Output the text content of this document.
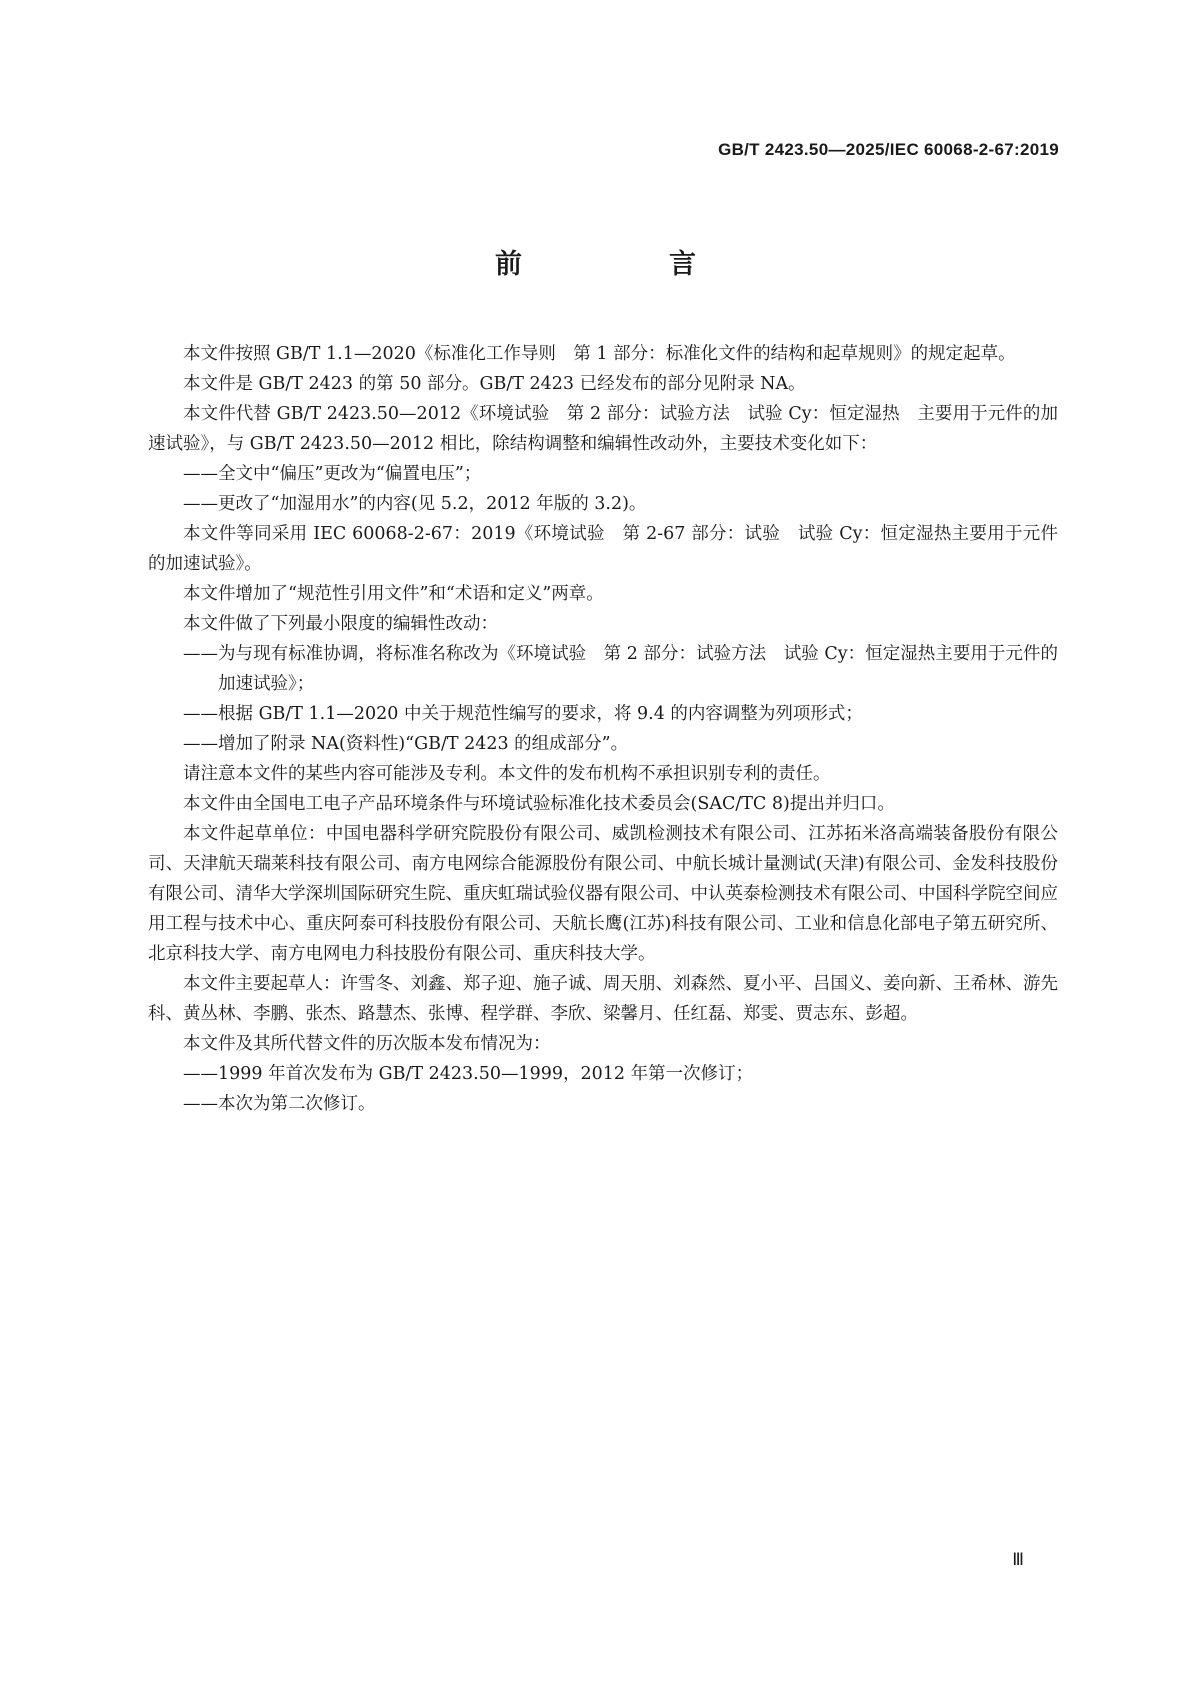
GB/T 2423.50—2025/IEC 60068-2-67:2019
前　言

本文件按照 GB/T 1.1—2020《标准化工作导则　第 1 部分：标准化文件的结构和起草规则》的规定起草。

本文件是 GB/T 2423 的第 50 部分。GB/T 2423 已经发布的部分见附录 NA。

本文件代替 GB/T 2423.50—2012《环境试验　第 2 部分：试验方法　试验 Cy：恒定湿热　主要用于元件的加速试验》，与 GB/T 2423.50—2012 相比，除结构调整和编辑性改动外，主要技术变化如下：

——全文中“偏压”更改为“偏置电压”；

——更改了“加湿用水”的内容(见 5.2，2012 年版的 3.2)。

本文件等同采用 IEC 60068-2-67：2019《环境试验　第 2-67 部分：试验　试验 Cy：恒定湿热主要用于元件的加速试验》。

本文件增加了“规范性引用文件”和“术语和定义”两章。

本文件做了下列最小限度的编辑性改动：

——为与现有标准协调，将标准名称改为《环境试验　第 2 部分：试验方法　试验 Cy：恒定湿热主要用于元件的加速试验》；

——根据 GB/T 1.1—2020 中关于规范性编写的要求，将 9.4 的内容调整为列项形式；

——增加了附录 NA(资料性)“GB/T 2423 的组成部分”。

请注意本文件的某些内容可能涉及专利。本文件的发布机构不承担识别专利的责任。

本文件由全国电工电子产品环境条件与环境试验标准化技术委员会(SAC/TC 8)提出并归口。

本文件起草单位：中国电器科学研究院股份有限公司、威凯检测技术有限公司、江苏拓米洛高端装备股份有限公司、天津航天瑞莱科技有限公司、南方电网综合能源股份有限公司、中航长城计量测试(天津)有限公司、金发科技股份有限公司、清华大学深圳国际研究生院、重庆虹瑞试验仪器有限公司、中认英泰检测技术有限公司、中国科学院空间应用工程与技术中心、重庆阿泰可科技股份有限公司、天航长鹰(江苏)科技有限公司、工业和信息化部电子第五研究所、北京科技大学、南方电网电力科技股份有限公司、重庆科技大学。

本文件主要起草人：许雪冬、刘鑫、郑子迎、施子诚、周天朋、刘森然、夏小平、吕国义、姜向新、王希林、游先科、黄丛林、李鹏、张杰、路慧杰、张博、程学群、李欣、梁馨月、任红磊、郑雯、贾志东、彭超。

本文件及其所代替文件的历次版本发布情况为：

——1999 年首次发布为 GB/T 2423.50—1999，2012 年第一次修订；

——本次为第二次修订。

Ⅲ
